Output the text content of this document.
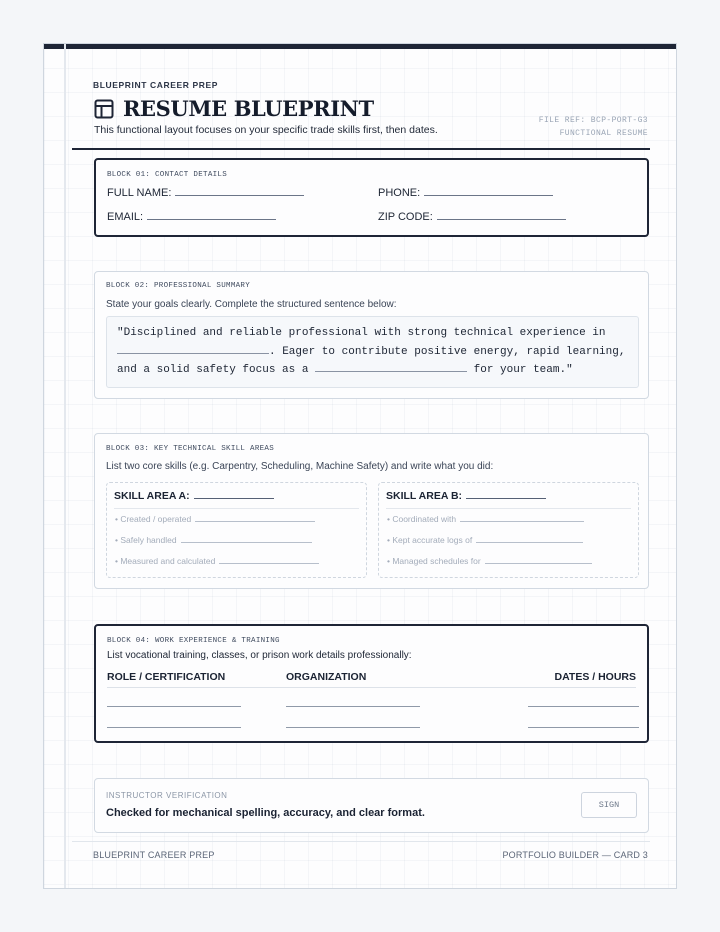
BLUEPRINT CAREER PREP
RESUME BLUEPRINT
This functional layout focuses on your specific trade skills first, then dates.
FILE REF: BCP-PORT-G3
FUNCTIONAL RESUME
BLOCK 01: CONTACT DETAILS
FULL NAME:	PHONE:
EMAIL:	ZIP CODE:
BLOCK 02: PROFESSIONAL SUMMARY
State your goals clearly. Complete the structured sentence below:
"Disciplined and reliable professional with strong technical experience in
. Eager to contribute positive energy, rapid learning,
and a solid safety focus as a	for your team."
BLOCK 03: KEY TECHNICAL SKILL AREAS
List two core skills (e.g. Carpentry, Scheduling, Machine Safety) and write what you did:
SKILL AREA A:
• Created / operated
• Safely handled
• Measured and calculated
SKILL AREA B:
• Coordinated with
• Kept accurate logs of
• Managed schedules for
BLOCK 04: WORK EXPERIENCE & TRAINING
List vocational training, classes, or prison work details professionally:
ROLE / CERTIFICATION	ORGANIZATION	DATES / HOURS
INSTRUCTOR VERIFICATION
Checked for mechanical spelling, accuracy, and clear format.
SIGN
BLUEPRINT CAREER PREP	PORTFOLIO BUILDER — CARD 3
